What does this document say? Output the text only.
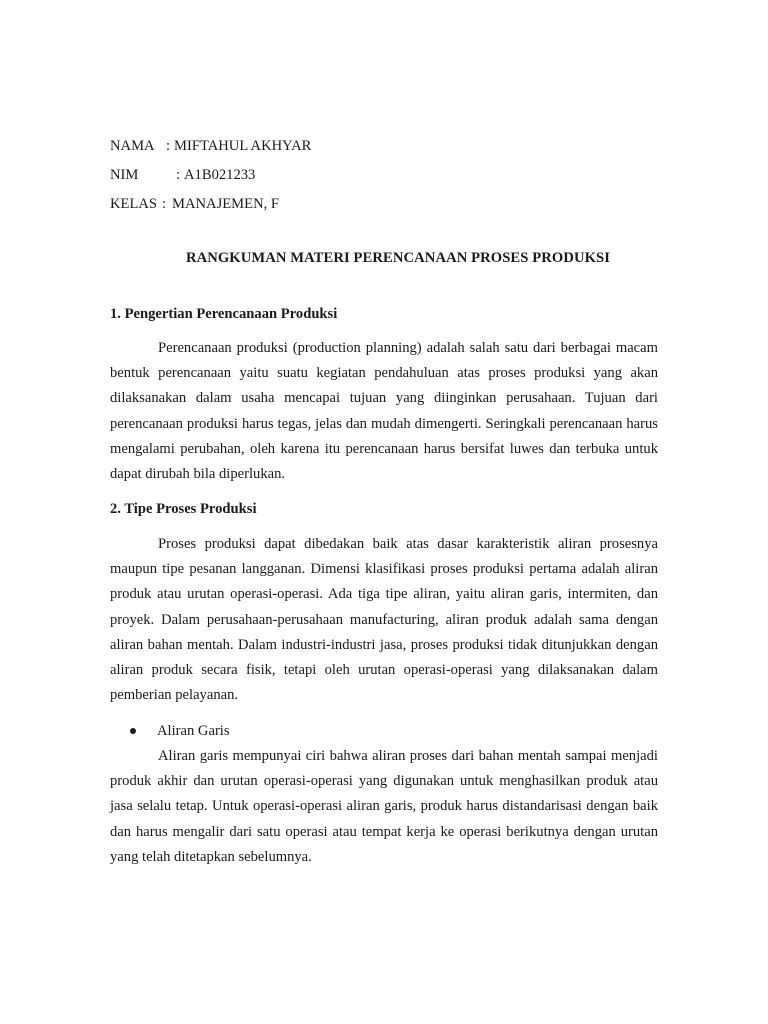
NAMA : MIFTAHUL AKHYAR
NIM	: A1B021233
KELAS : MANAJEMEN, F
RANGKUMAN MATERI PERENCANAAN PROSES PRODUKSI
1. Pengertian Perencanaan Produksi

Perencanaan produksi (production planning) adalah salah satu dari berbagai macam bentuk perencanaan yaitu suatu kegiatan pendahuluan atas proses produksi yang akan dilaksanakan dalam usaha mencapai tujuan yang diinginkan perusahaan. Tujuan dari perencanaan produksi harus tegas, jelas dan mudah dimengerti. Seringkali perencanaan harus mengalami perubahan, oleh karena itu perencanaan harus bersifat luwes dan terbuka untuk dapat dirubah bila diperlukan.

2. Tipe Proses Produksi

Proses produksi dapat dibedakan baik atas dasar karakteristik aliran prosesnya maupun tipe pesanan langganan. Dimensi klasifikasi proses produksi pertama adalah aliran produk atau urutan operasi-operasi. Ada tiga tipe aliran, yaitu aliran garis, intermiten, dan proyek. Dalam perusahaan-perusahaan manufacturing, aliran produk adalah sama dengan aliran bahan mentah. Dalam industri-industri jasa, proses produksi tidak ditunjukkan dengan aliran produk secara fisik, tetapi oleh urutan operasi-operasi yang dilaksanakan dalam pemberian pelayanan.

Aliran Garis

Aliran garis mempunyai ciri bahwa aliran proses dari bahan mentah sampai menjadi produk akhir dan urutan operasi-operasi yang digunakan untuk menghasilkan produk atau jasa selalu tetap. Untuk operasi-operasi aliran garis, produk harus distandarisasi dengan baik dan harus mengalir dari satu operasi atau tempat kerja ke operasi berikutnya dengan urutan yang telah ditetapkan sebelumnya.
